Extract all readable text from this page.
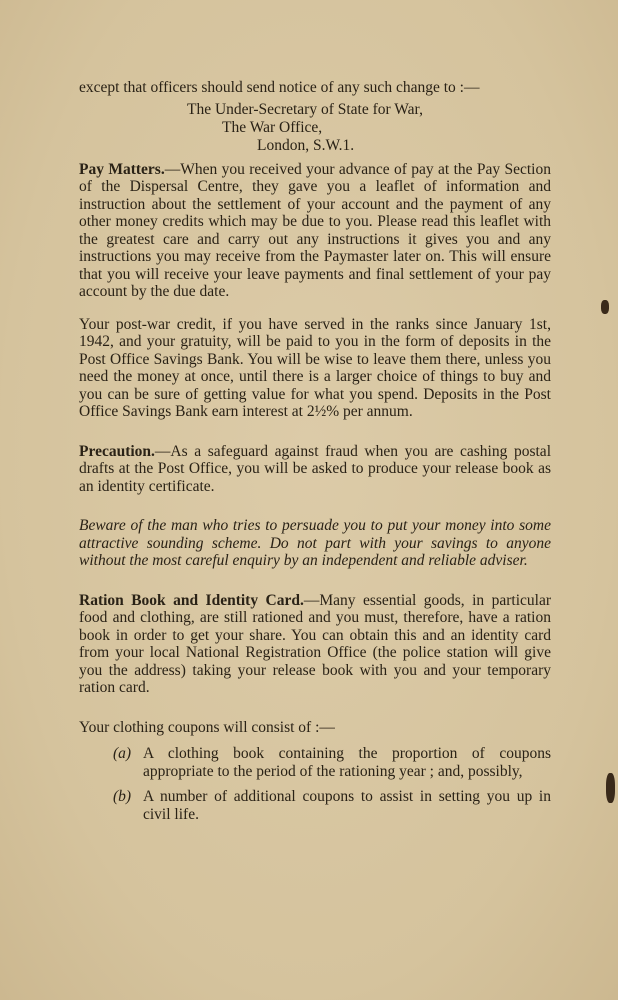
except that officers should send notice of any such change to :—

The Under-Secretary of State for War,
The War Office,
London, S.W.1.

Pay Matters.—When you received your advance of pay at the Pay Section of the Dispersal Centre, they gave you a leaflet of information and instruction about the settlement of your account and the payment of any other money credits which may be due to you. Please read this leaflet with the greatest care and carry out any instructions it gives you and any instructions you may receive from the Paymaster later on. This will ensure that you will receive your leave payments and final settlement of your pay account by the due date.

Your post-war credit, if you have served in the ranks since January 1st, 1942, and your gratuity, will be paid to you in the form of deposits in the Post Office Savings Bank. You will be wise to leave them there, unless you need the money at once, until there is a larger choice of things to buy and you can be sure of getting value for what you spend. Deposits in the Post Office Savings Bank earn interest at 2½% per annum.

Precaution.—As a safeguard against fraud when you are cashing postal drafts at the Post Office, you will be asked to produce your release book as an identity certificate.

Beware of the man who tries to persuade you to put your money into some attractive sounding scheme. Do not part with your savings to anyone without the most careful enquiry by an independent and reliable adviser.

Ration Book and Identity Card.—Many essential goods, in particular food and clothing, are still rationed and you must, therefore, have a ration book in order to get your share. You can obtain this and an identity card from your local National Registration Office (the police station will give you the address) taking your release book with you and your temporary ration card.

Your clothing coupons will consist of :—

(a) A clothing book containing the proportion of coupons appropriate to the period of the rationing year ; and, possibly,
(b) A number of additional coupons to assist in setting you up in civil life.
